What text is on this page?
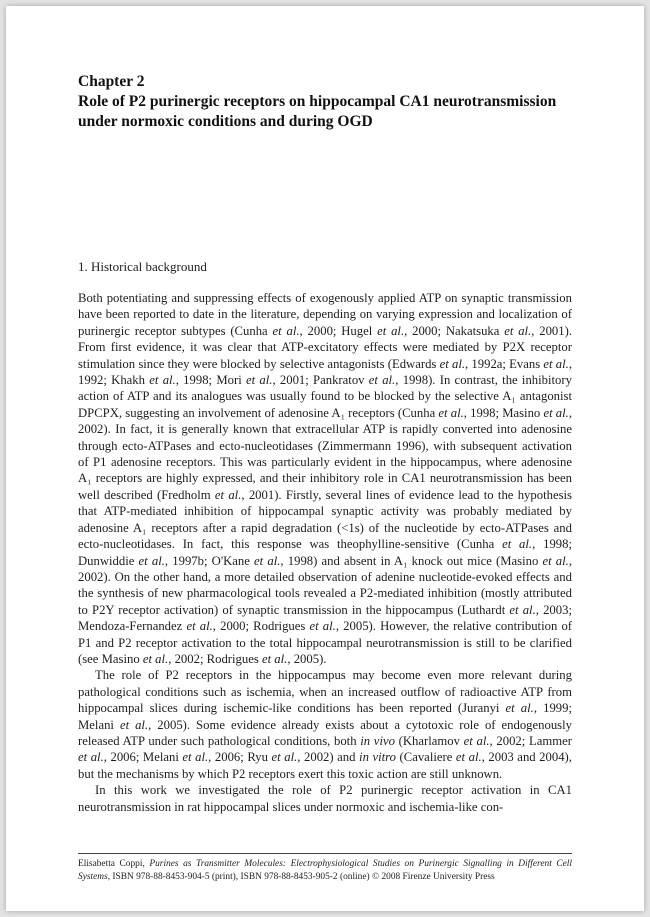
Chapter 2
Role of P2 purinergic receptors on hippocampal CA1 neurotransmission under normoxic conditions and during OGD
1. Historical background

Both potentiating and suppressing effects of exogenously applied ATP on synaptic transmission have been reported to date in the literature, depending on varying expression and localization of purinergic receptor subtypes (Cunha et al., 2000; Hugel et al., 2000; Nakatsuka et al., 2001). From first evidence, it was clear that ATP-excitatory effects were mediated by P2X receptor stimulation since they were blocked by selective antagonists (Edwards et al., 1992a; Evans et al., 1992; Khakh et al., 1998; Mori et al., 2001; Pankratov et al., 1998). In contrast, the inhibitory action of ATP and its analogues was usually found to be blocked by the selective A₁ antagonist DPCPX, suggesting an involvement of adenosine A₁ receptors (Cunha et al., 1998; Masino et al., 2002). In fact, it is generally known that extracellular ATP is rapidly converted into adenosine through ecto-ATPases and ecto-nucleotidases (Zimmermann 1996), with subsequent activation of P1 adenosine receptors. This was particularly evident in the hippocampus, where adenosine A₁ receptors are highly expressed, and their inhibitory role in CA1 neurotransmission has been well described (Fredholm et al., 2001). Firstly, several lines of evidence lead to the hypothesis that ATP-mediated inhibition of hippocampal synaptic activity was probably mediated by adenosine A₁ receptors after a rapid degradation (<1s) of the nucleotide by ecto-ATPases and ecto-nucleotidases. In fact, this response was theophylline-sensitive (Cunha et al., 1998; Dunwiddie et al., 1997b; O'Kane et al., 1998) and absent in A₁ knock out mice (Masino et al., 2002). On the other hand, a more detailed observation of adenine nucleotide-evoked effects and the synthesis of new pharmacological tools revealed a P2-mediated inhibition (mostly attributed to P2Y receptor activation) of synaptic transmission in the hippocampus (Luthardt et al., 2003; Mendoza-Fernandez et al., 2000; Rodrigues et al., 2005). However, the relative contribution of P1 and P2 receptor activation to the total hippocampal neurotransmission is still to be clarified (see Masino et al., 2002; Rodrigues et al., 2005).

The role of P2 receptors in the hippocampus may become even more relevant during pathological conditions such as ischemia, when an increased outflow of radioactive ATP from hippocampal slices during ischemic-like conditions has been reported (Juranyi et al., 1999; Melani et al., 2005). Some evidence already exists about a cytotoxic role of endogenously released ATP under such pathological conditions, both in vivo (Kharlamov et al., 2002; Lammer et al., 2006; Melani et al., 2006; Ryu et al., 2002) and in vitro (Cavaliere et al., 2003 and 2004), but the mechanisms by which P2 receptors exert this toxic action are still unknown.

In this work we investigated the role of P2 purinergic receptor activation in CA1 neurotransmission in rat hippocampal slices under normoxic and ischemia-like con-

Elisabetta Coppi, Purines as Transmitter Molecules: Electrophysiological Studies on Purinergic Signalling in Different Cell Systems, ISBN 978-88-8453-904-5 (print), ISBN 978-88-8453-905-2 (online) © 2008 Firenze University Press
